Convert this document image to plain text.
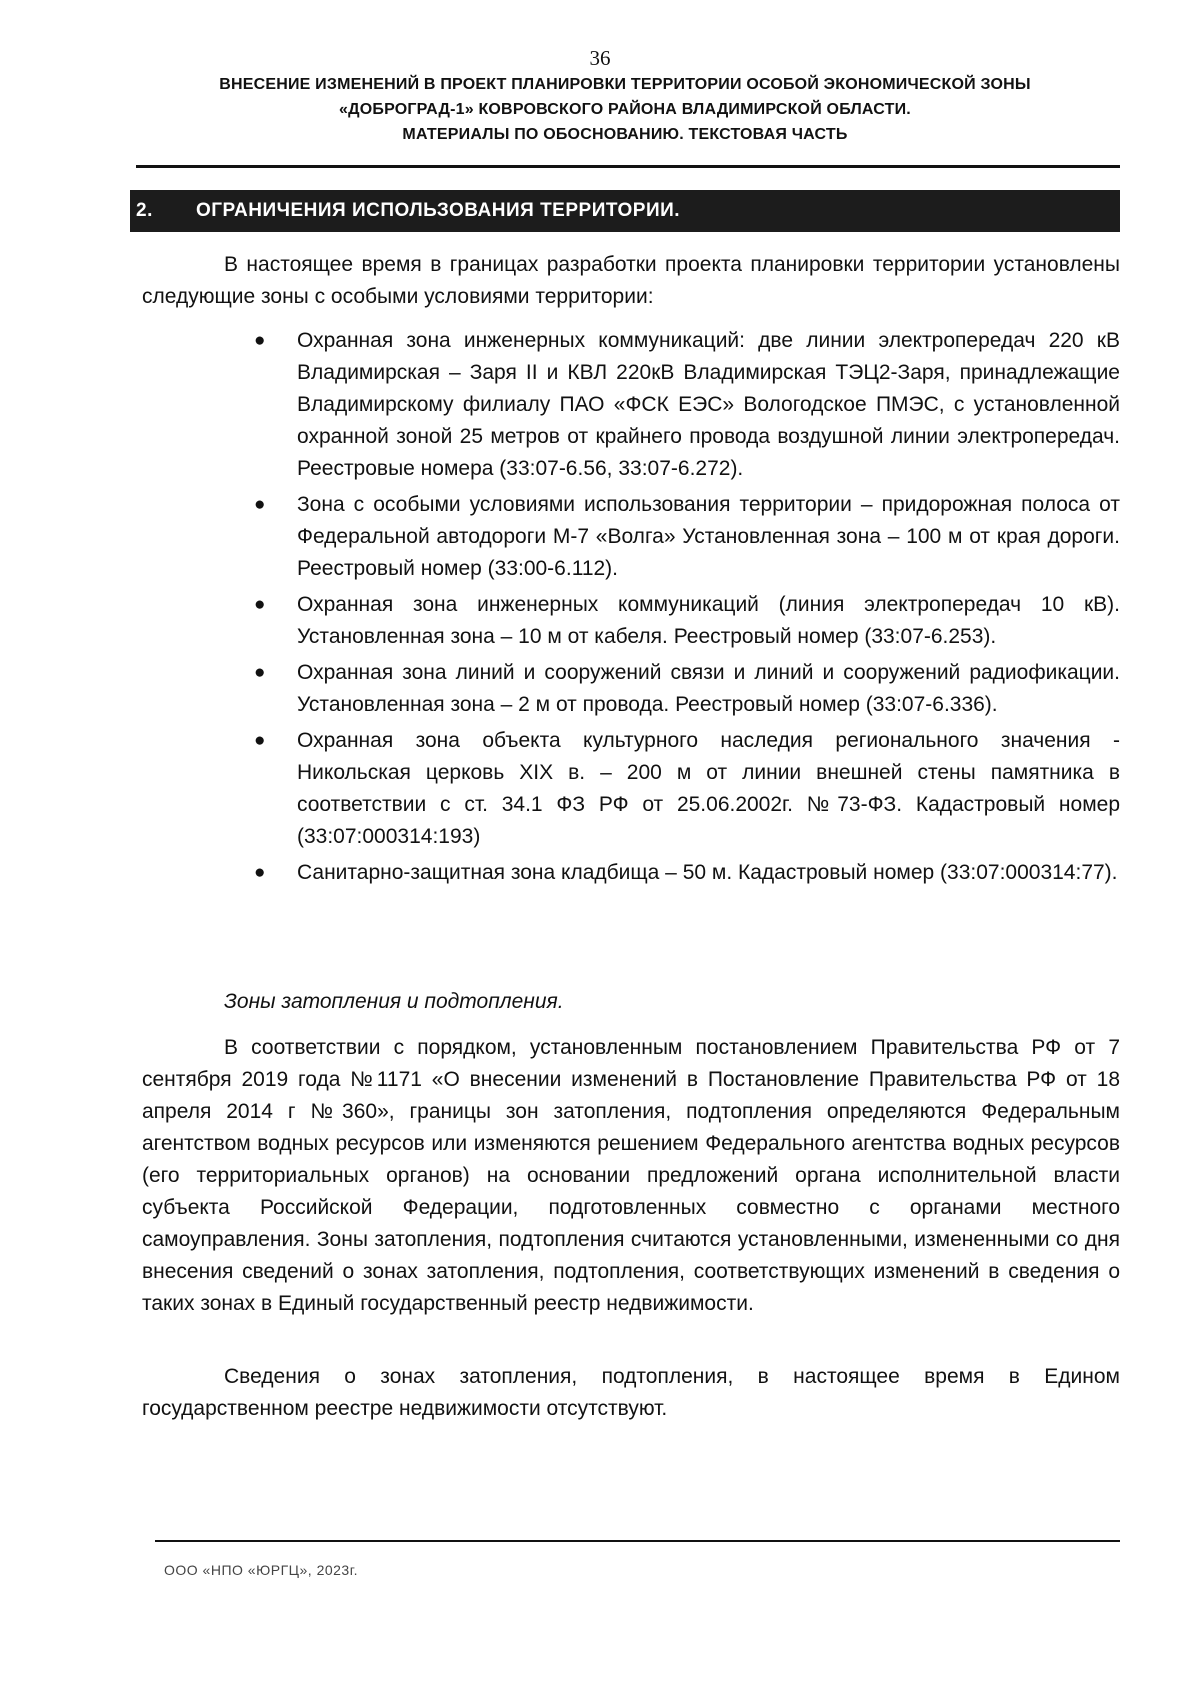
36
ВНЕСЕНИЕ ИЗМЕНЕНИЙ В ПРОЕКТ ПЛАНИРОВКИ ТЕРРИТОРИИ ОСОБОЙ ЭКОНОМИЧЕСКОЙ ЗОНЫ
«ДОБРОГРАД-1» КОВРОВСКОГО РАЙОНА ВЛАДИМИРСКОЙ ОБЛАСТИ.
МАТЕРИАЛЫ ПО ОБОСНОВАНИЮ. ТЕКСТОВАЯ ЧАСТЬ
2. ОГРАНИЧЕНИЯ ИСПОЛЬЗОВАНИЯ ТЕРРИТОРИИ.
В настоящее время в границах разработки проекта планировки территории установлены следующие зоны с особыми условиями территории:
● Охранная зона инженерных коммуникаций: две линии электропередач 220 кВ Владимирская – Заря II и КВЛ 220кВ Владимирская ТЭЦ2-Заря, принадлежащие Владимирскому филиалу ПАО «ФСК ЕЭС» Вологодское ПМЭС, с установленной охранной зоной 25 метров от крайнего провода воздушной линии электропередач. Реестровые номера (33:07-6.56, 33:07-6.272).
● Зона с особыми условиями использования территории – придорожная полоса от Федеральной автодороги М-7 «Волга» Установленная зона – 100 м от края дороги. Реестровый номер (33:00-6.112).
● Охранная зона инженерных коммуникаций (линия электропередач 10 кВ). Установленная зона – 10 м от кабеля. Реестровый номер (33:07-6.253).
● Охранная зона линий и сооружений связи и линий и сооружений радиофикации. Установленная зона – 2 м от провода. Реестровый номер (33:07-6.336).
● Охранная зона объекта культурного наследия регионального значения - Никольская церковь XIX в. – 200 м от линии внешней стены памятника в соответствии с ст. 34.1 ФЗ РФ от 25.06.2002г. №73-ФЗ. Кадастровый номер (33:07:000314:193)
● Санитарно-защитная зона кладбища – 50 м. Кадастровый номер (33:07:000314:77).
Зоны затопления и подтопления.
В соответствии с порядком, установленным постановлением Правительства РФ от 7 сентября 2019 года №1171 «О внесении изменений в Постановление Правительства РФ от 18 апреля 2014 г №360», границы зон затопления, подтопления определяются Федеральным агентством водных ресурсов или изменяются решением Федерального агентства водных ресурсов (его территориальных органов) на основании предложений органа исполнительной власти субъекта Российской Федерации, подготовленных совместно с органами местного самоуправления. Зоны затопления, подтопления считаются установленными, измененными со дня внесения сведений о зонах затопления, подтопления, соответствующих изменений в сведения о таких зонах в Единый государственный реестр недвижимости.
Сведения о зонах затопления, подтопления, в настоящее время в Едином государственном реестре недвижимости отсутствуют.
ООО «НПО «ЮРГЦ», 2023г.
